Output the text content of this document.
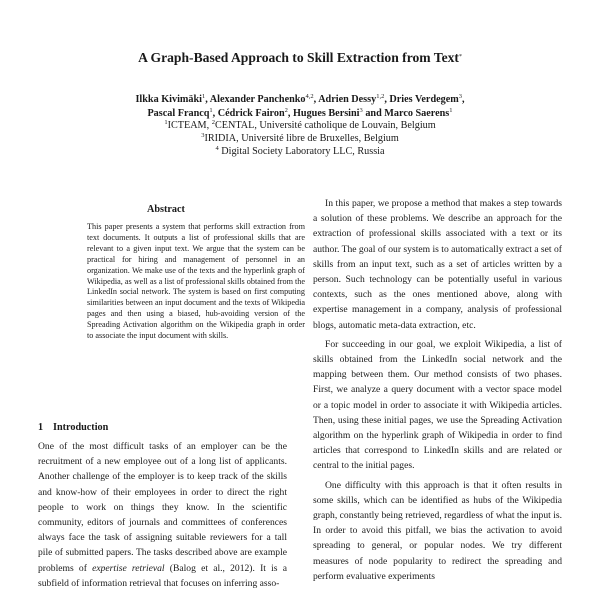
A Graph-Based Approach to Skill Extraction from Text*
Ilkka Kivimäki$^1$, Alexander Panchenko$^{4,2}$, Adrien Dessy$^{1,2}$, Dries Verdegem$^3$,
Pascal Francq$^1$, Cédrick Fairon$^2$, Hugues Bersini$^3$ and Marco Saerens$^1$
$^1$ICTEAM, $^2$CENTAL, Université catholique de Louvain, Belgium
$^3$IRIDIA, Université libre de Bruxelles, Belgium
$^4$ Digital Society Laboratory LLC, Russia
Abstract
This paper presents a system that performs skill extraction from text documents. It outputs a list of professional skills that are relevant to a given input text. We argue that the system can be practical for hiring and management of personnel in an organization. We make use of the texts and the hyperlink graph of Wikipedia, as well as a list of professional skills obtained from the LinkedIn social network. The system is based on first computing similarities between an input document and the texts of Wikipedia pages and then using a biased, hub-avoiding version of the Spreading Activation algorithm on the Wikipedia graph in order to associate the input document with skills.
1 Introduction

One of the most difficult tasks of an employer can be the recruitment of a new employee out of a long list of applicants. Another challenge of the employer is to keep track of the skills and know-how of their employees in order to direct the right people to work on things they know. In the scientific community, editors of journals and committees of conferences always face the task of assigning suitable reviewers for a tall pile of submitted papers. The tasks described above are example problems of expertise retrieval (Balog et al., 2012). It is a subfield of information retrieval that focuses on inferring asso-

In this paper, we propose a method that makes a step towards a solution of these problems. We describe an approach for the extraction of professional skills associated with a text or its author. The goal of our system is to automatically extract a set of skills from an input text, such as a set of articles written by a person. Such technology can be potentially useful in various contexts, such as the ones mentioned above, along with expertise management in a company, analysis of professional blogs, automatic meta-data extraction, etc.

For succeeding in our goal, we exploit Wikipedia, a list of skills obtained from the LinkedIn social network and the mapping between them. Our method consists of two phases. First, we analyze a query document with a vector space model or a topic model in order to associate it with Wikipedia articles. Then, using these initial pages, we use the Spreading Activation algorithm on the hyperlink graph of Wikipedia in order to find articles that correspond to LinkedIn skills and are related or central to the initial pages.

One difficulty with this approach is that it often results in some skills, which can be identified as hubs of the Wikipedia graph, constantly being retrieved, regardless of what the input is. In order to avoid this pitfall, we bias the activation to avoid spreading to general, or popular nodes. We try different measures of node popularity to redirect the spreading and perform evaluative experiments
